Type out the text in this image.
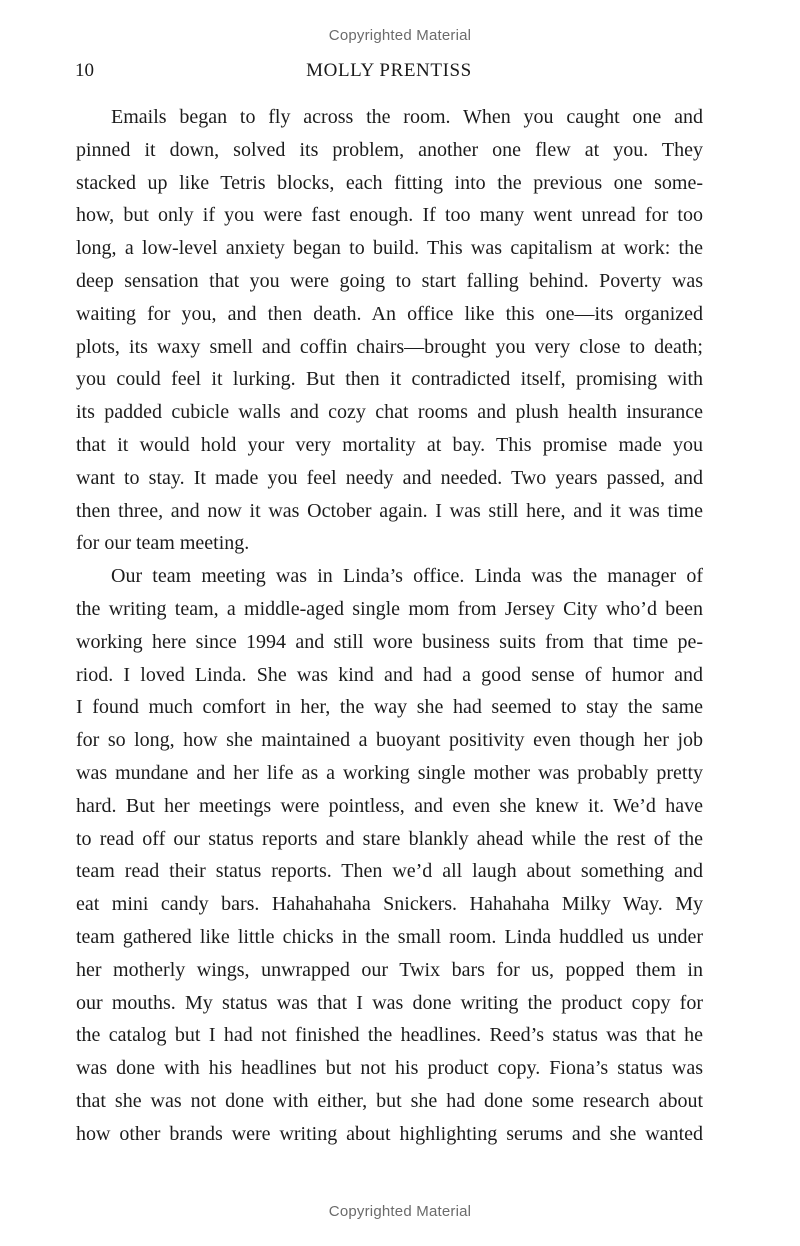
Copyrighted Material
10	MOLLY PRENTISS
Emails began to fly across the room. When you caught one and
pinned it down, solved its problem, another one flew at you. They
stacked up like Tetris blocks, each fitting into the previous one some-
how, but only if you were fast enough. If too many went unread for too
long, a low-level anxiety began to build. This was capitalism at work: the
deep sensation that you were going to start falling behind. Poverty was
waiting for you, and then death. An office like this one—its organized
plots, its waxy smell and coffin chairs—brought you very close to death;
you could feel it lurking. But then it contradicted itself, promising with
its padded cubicle walls and cozy chat rooms and plush health insurance
that it would hold your very mortality at bay. This promise made you
want to stay. It made you feel needy and needed. Two years passed, and
then three, and now it was October again. I was still here, and it was time
for our team meeting.
Our team meeting was in Linda’s office. Linda was the manager of
the writing team, a middle-aged single mom from Jersey City who’d been
working here since 1994 and still wore business suits from that time pe-
riod. I loved Linda. She was kind and had a good sense of humor and
I found much comfort in her, the way she had seemed to stay the same
for so long, how she maintained a buoyant positivity even though her job
was mundane and her life as a working single mother was probably pretty
hard. But her meetings were pointless, and even she knew it. We’d have
to read off our status reports and stare blankly ahead while the rest of the
team read their status reports. Then we’d all laugh about something and
eat mini candy bars. Hahahahaha Snickers. Hahahaha Milky Way. My
team gathered like little chicks in the small room. Linda huddled us under
her motherly wings, unwrapped our Twix bars for us, popped them in
our mouths. My status was that I was done writing the product copy for
the catalog but I had not finished the headlines. Reed’s status was that he
was done with his headlines but not his product copy. Fiona’s status was
that she was not done with either, but she had done some research about
how other brands were writing about highlighting serums and she wanted
Copyrighted Material
